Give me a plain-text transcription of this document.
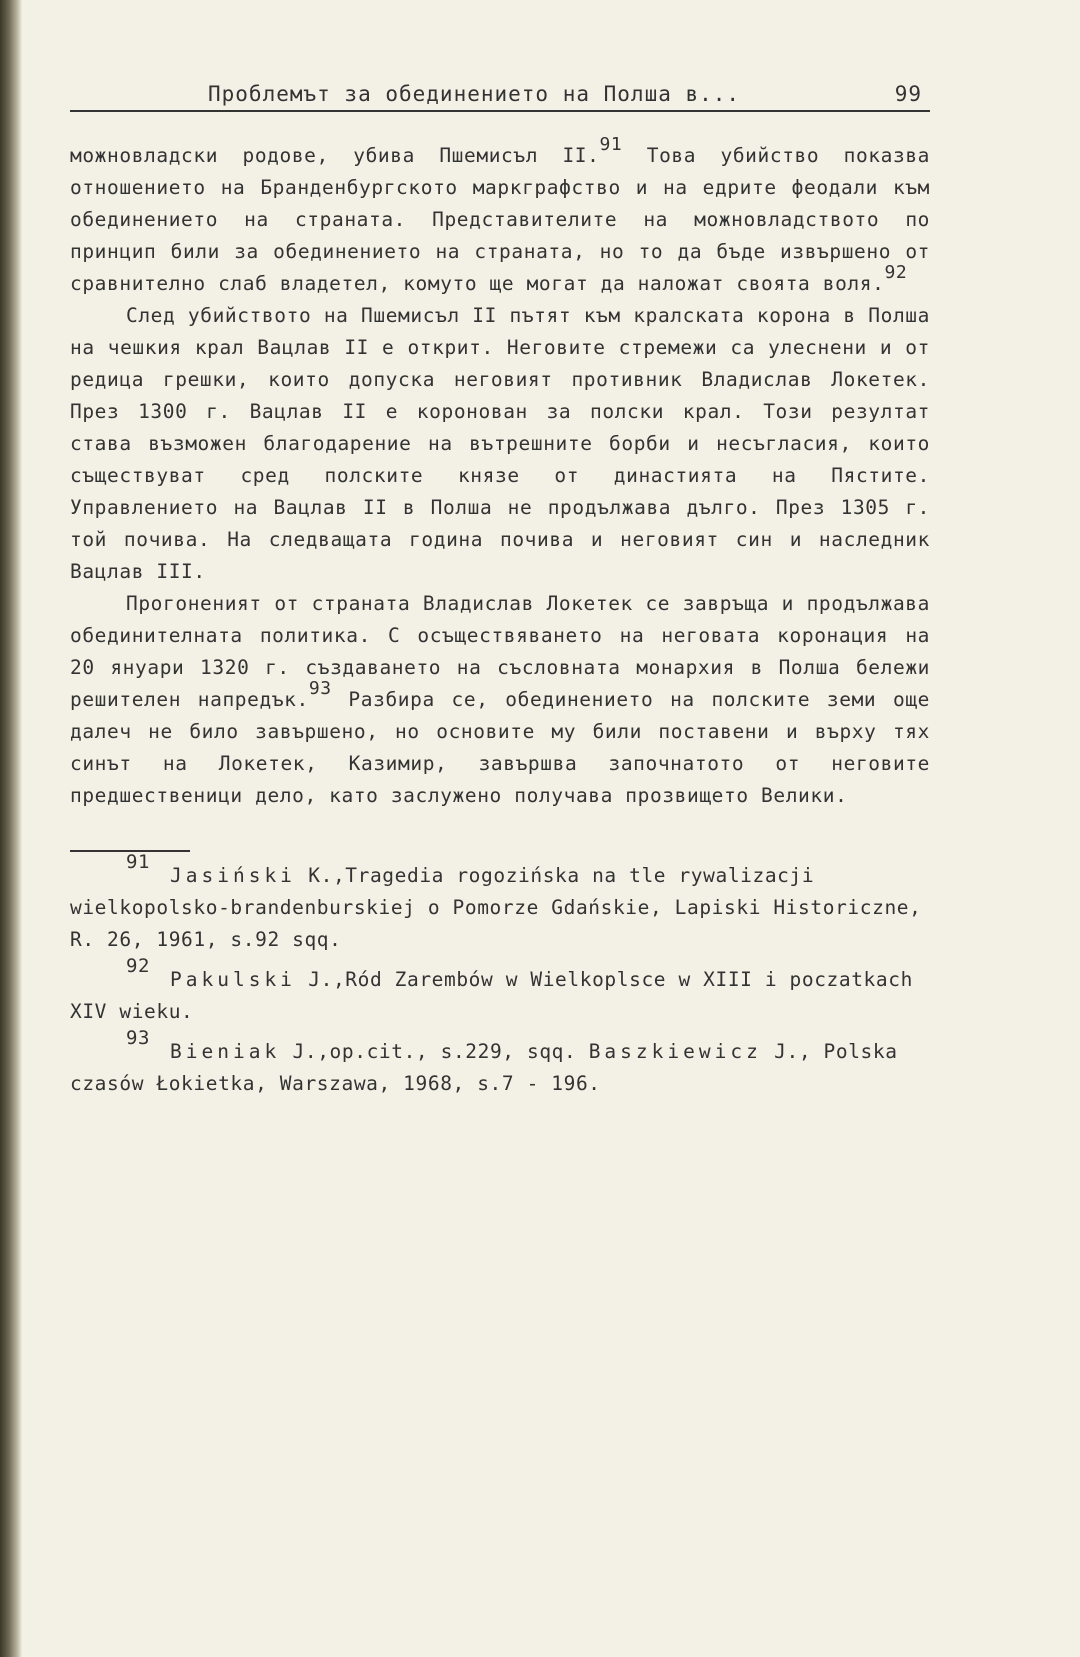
Проблемът за обединението на Полша в...	99

можновладски родове, убива Пшемисъл II.$^{91}$ Това убийство показва отношението на Бранденбургското маркграфство и на едрите феодали към обединението на страната. Представителите на можновладството по принцип били за обединението на страната, но то да бъде извършено от сравнително слаб владетел, комуто ще могат да наложат своята воля.$^{92}$

След убийството на Пшемисъл II пътят към кралската корона в Полша на чешкия крал Вацлав II е открит. Неговите стремежи са улеснени и от редица грешки, които допуска неговият противник Владислав Локетек. През 1300 г. Вацлав II е коронован за полски крал. Този резултат става възможен благодарение на вътрешните борби и несъгласия, които съществуват сред полските князе от династията на Пястите. Управлението на Вацлав II в Полша не продължава дълго. През 1305 г. той почива. На следващата година почива и неговият син и наследник Вацлав III.

Прогоненият от страната Владислав Локетек се завръща и продължава обединителната политика. С осъществяването на неговата коронация на 20 януари 1320 г. създаването на съсловната монархия в Полша бележи решителен напредък.$^{93}$ Разбира се, обединението на полските земи още далеч не било завършено, но основите му били поставени и върху тях синът на Локетек, Казимир, завършва започнатото от неговите предшественици дело, като заслужено получава прозвището Велики.

91
Jasiński K.,Tragedia rogozińska na tle rywalizacji wielkopolsko-brandenburskiej o Pomorze Gdańskie, Lapiski Historiczne, R. 26, 1961, s.92 sqq.

92
Pakulski J.,Ród Zarembów w Wielkoplsce w XIII i poczatkach XIV wieku.

93
Bieniak J.,op.cit., s.229, sqq. Baszkiewicz J., Polska czasów Łokietka, Warszawa, 1968, s.7 - 196.
